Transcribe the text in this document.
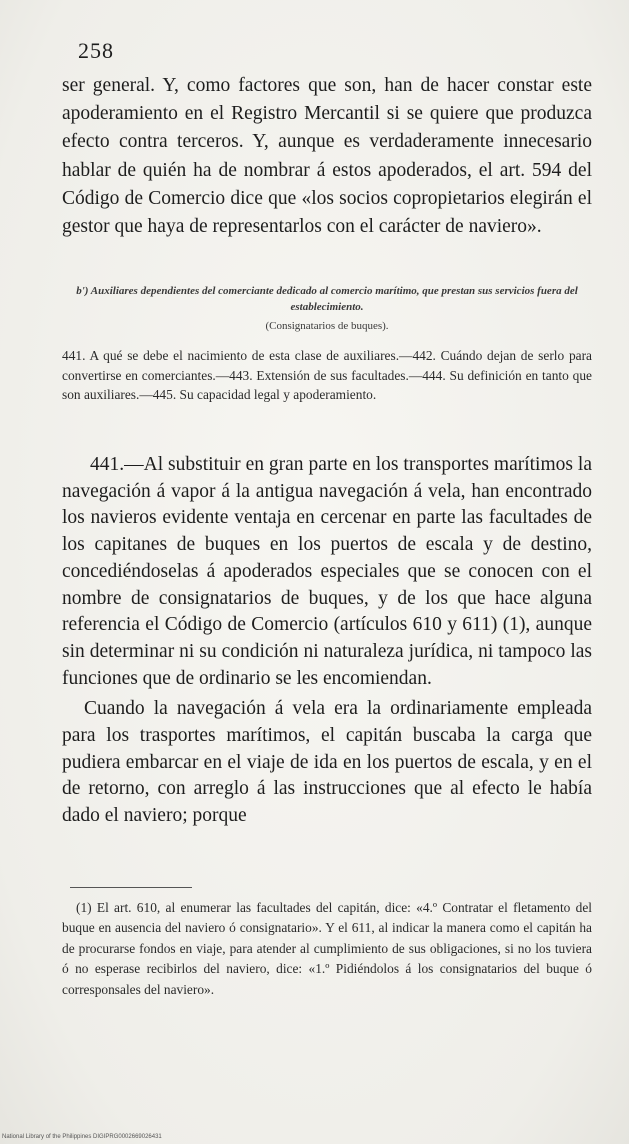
258

ser general. Y, como factores que son, han de hacer constar este apoderamiento en el Registro Mercantil si se quiere que produzca efecto contra terceros. Y, aunque es verdaderamente innecesario hablar de quién ha de nombrar á estos apoderados, el art. 594 del Código de Comercio dice que «los socios copropietarios elegirán el gestor que haya de representarlos con el carácter de naviero».

b') Auxiliares dependientes del comerciante dedicado al comercio marítimo, que prestan sus servicios fuera del establecimiento.
(Consignatarios de buques).

441. A qué se debe el nacimiento de esta clase de auxiliares.—442. Cuándo dejan de serlo para convertirse en comerciantes.—443. Extensión de sus facultades.—444. Su definición en tanto que son auxiliares.—445. Su capacidad legal y apoderamiento.

441.—Al substituir en gran parte en los transportes marítimos la navegación á vapor á la antigua navegación á vela, han encontrado los navieros evidente ventaja en cercenar en parte las facultades de los capitanes de buques en los puertos de escala y de destino, concediéndoselas á apoderados especiales que se conocen con el nombre de consignatarios de buques, y de los que hace alguna referencia el Código de Comercio (artículos 610 y 611) (1), aunque sin determinar ni su condición ni naturaleza jurídica, ni tampoco las funciones que de ordinario se les encomiendan.

Cuando la navegación á vela era la ordinariamente empleada para los trasportes marítimos, el capitán buscaba la carga que pudiera embarcar en el viaje de ida en los puertos de escala, y en el de retorno, con arreglo á las instrucciones que al efecto le había dado el naviero; porque

(1) El art. 610, al enumerar las facultades del capitán, dice: «4.º Contratar el fletamento del buque en ausencia del naviero ó consignatario». Y el 611, al indicar la manera como el capitán ha de procurarse fondos en viaje, para atender al cumplimiento de sus obligaciones, si no los tuviera ó no esperase recibirlos del naviero, dice: «1.º Pidiéndolos á los consignatarios del buque ó corresponsales del naviero».

National Library of the Philippines DIGIPRG0002669026431
